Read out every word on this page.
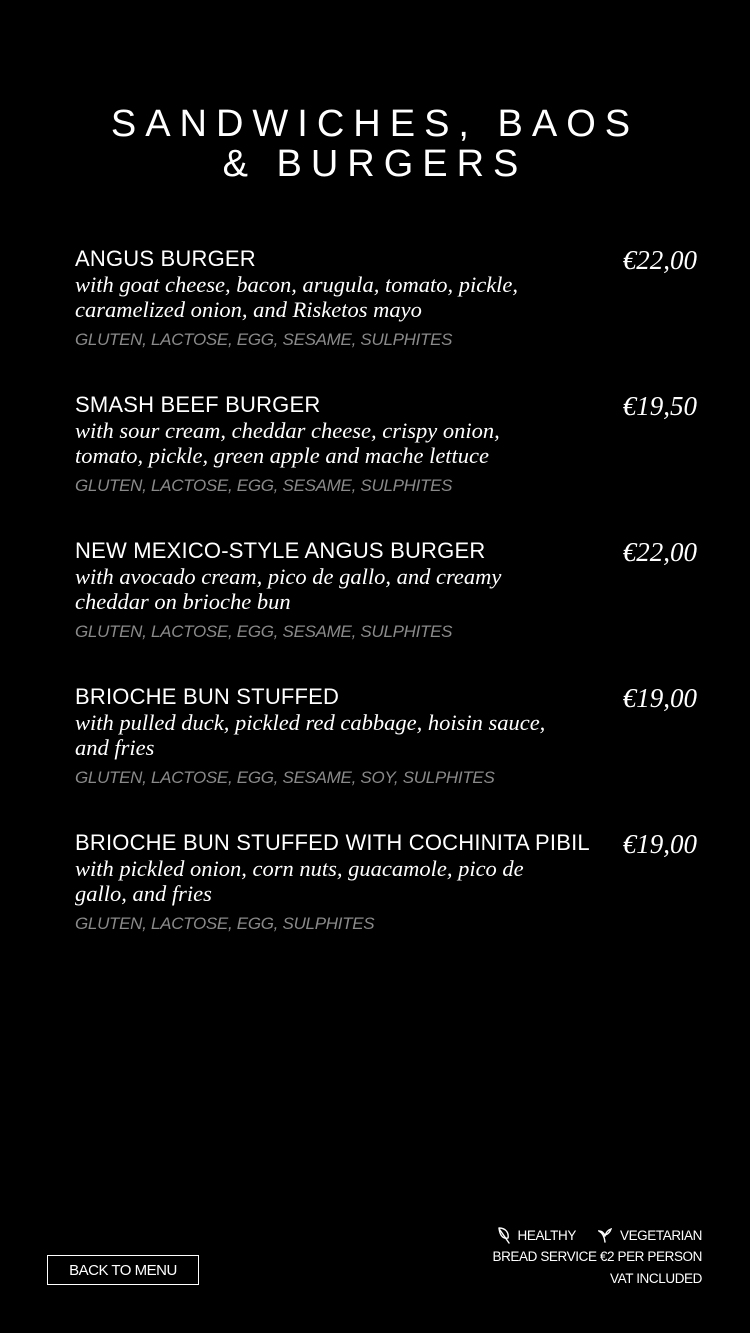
SANDWICHES, BAOS
& BURGERS
ANGUS BURGER	€22,00
with goat cheese, bacon, arugula, tomato, pickle, caramelized onion, and Risketos mayo
GLUTEN, LACTOSE, EGG, SESAME, SULPHITES
SMASH BEEF BURGER	€19,50
with sour cream, cheddar cheese, crispy onion, tomato, pickle, green apple and mache lettuce
GLUTEN, LACTOSE, EGG, SESAME, SULPHITES
NEW MEXICO-STYLE ANGUS BURGER	€22,00
with avocado cream, pico de gallo, and creamy cheddar on brioche bun
GLUTEN, LACTOSE, EGG, SESAME, SULPHITES
BRIOCHE BUN STUFFED	€19,00
with pulled duck, pickled red cabbage, hoisin sauce, and fries
GLUTEN, LACTOSE, EGG, SESAME, SOY, SULPHITES
BRIOCHE BUN STUFFED WITH COCHINITA PIBIL €19,00
with pickled onion, corn nuts, guacamole, pico de gallo, and fries
GLUTEN, LACTOSE, EGG, SULPHITES
BACK TO MENU
HEALTHY	VEGETARIAN
BREAD SERVICE €2 PER PERSON
VAT INCLUDED
